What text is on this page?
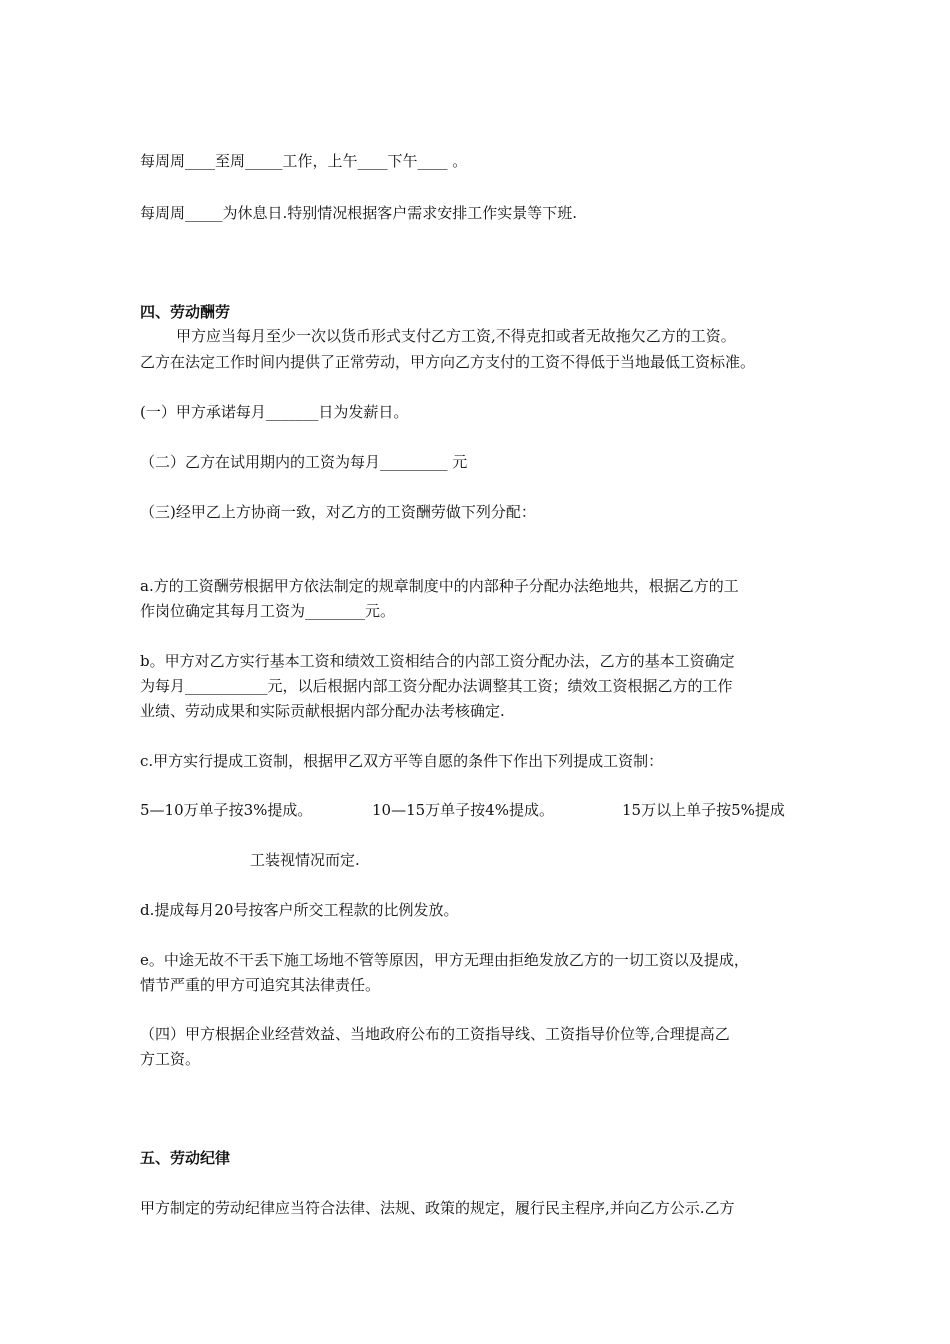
每周周____至周_____工作，上午____下午____ 。
每周周_____为休息日.特别情况根据客户需求安排工作实景等下班.
四、劳动酬劳
甲方应当每月至少一次以货币形式支付乙方工资,不得克扣或者无故拖欠乙方的工资。
乙方在法定工作时间内提供了正常劳动，甲方向乙方支付的工资不得低于当地最低工资标准。
(一）甲方承诺每月_______日为发薪日。
（二）乙方在试用期内的工资为每月_________ 元
（三)经甲乙上方协商一致，对乙方的工资酬劳做下列分配：
a.方的工资酬劳根据甲方依法制定的规章制度中的内部种子分配办法绝地共，根据乙方的工
作岗位确定其每月工资为________元。
b。甲方对乙方实行基本工资和绩效工资相结合的内部工资分配办法，乙方的基本工资确定
为每月___________元，以后根据内部工资分配办法调整其工资；绩效工资根据乙方的工作
业绩、劳动成果和实际贡献根据内部分配办法考核确定.
c.甲方实行提成工资制，根据甲乙双方平等自愿的条件下作出下列提成工资制：
5—10万单子按3%提成。	10—15万单子按4%提成。	15万以上单子按5%提成
工装视情况而定.
d.提成每月20号按客户所交工程款的比例发放。
e。中途无故不干丢下施工场地不管等原因，甲方无理由拒绝发放乙方的一切工资以及提成，
情节严重的甲方可追究其法律责任。
（四）甲方根据企业经营效益、当地政府公布的工资指导线、工资指导价位等,合理提高乙
方工资。
五、劳动纪律
甲方制定的劳动纪律应当符合法律、法规、政策的规定，履行民主程序,并向乙方公示.乙方
